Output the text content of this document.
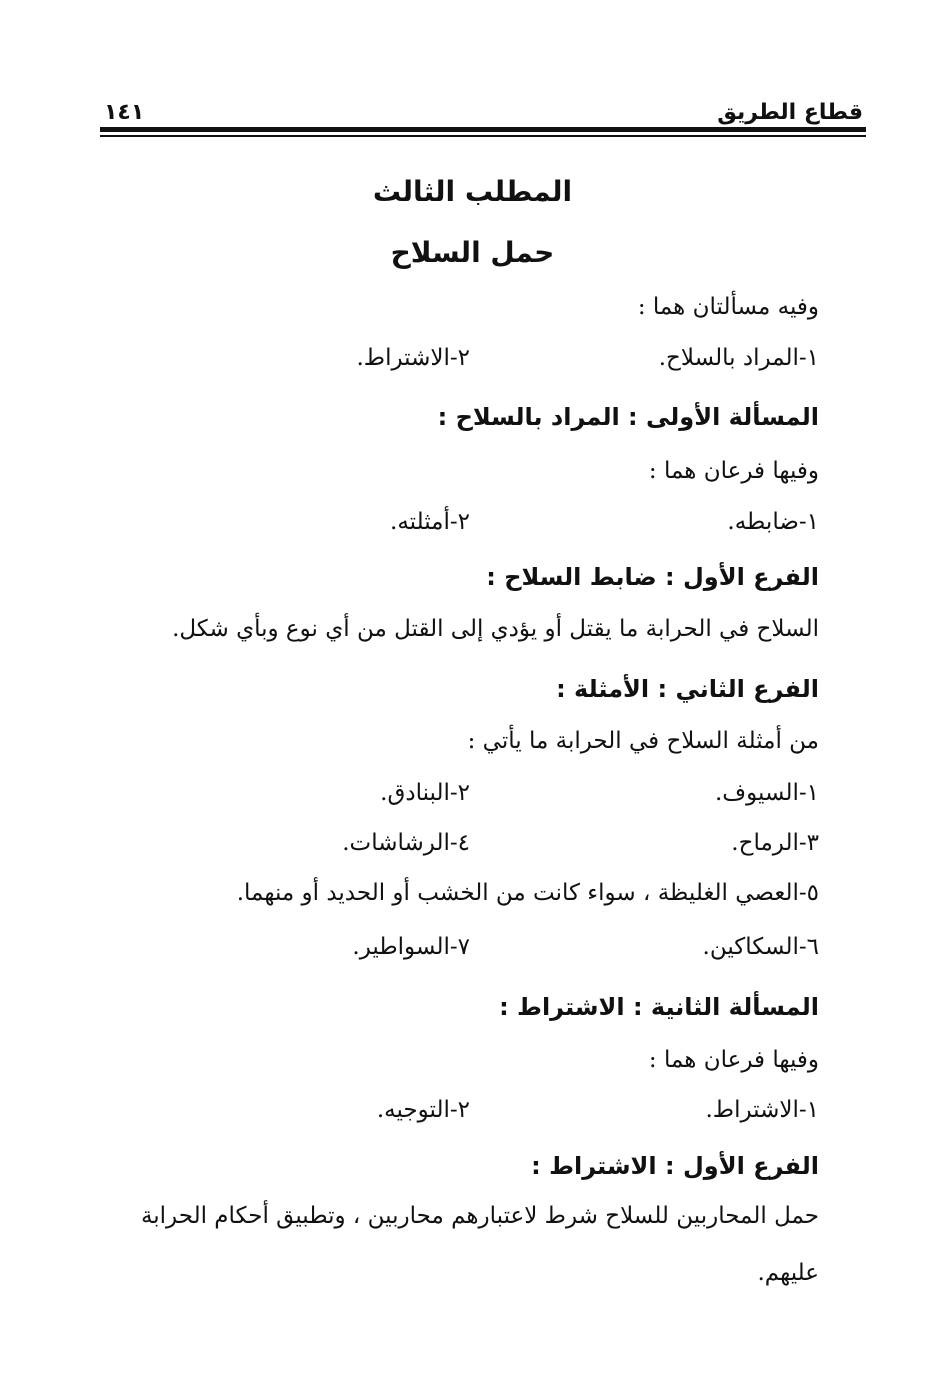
قطاع الطريق
١٤١
المطلب الثالث
حمل السلاح
وفيه مسألتان هما :
١-المراد بالسلاح.
٢-الاشتراط.
المسألة الأولى : المراد بالسلاح :
وفيها فرعان هما :
١-ضابطه.
٢-أمثلته.
الفرع الأول : ضابط السلاح :
السلاح في الحرابة ما يقتل أو يؤدي إلى القتل من أي نوع وبأي شكل.
الفرع الثاني : الأمثلة :
من أمثلة السلاح في الحرابة ما يأتي :
١-السيوف.
٢-البنادق.
٣-الرماح.
٤-الرشاشات.
٥-العصي الغليظة ، سواء كانت من الخشب أو الحديد أو منهما.
٦-السكاكين.
٧-السواطير.
المسألة الثانية : الاشتراط :
وفيها فرعان هما :
١-الاشتراط.
٢-التوجيه.
الفرع الأول : الاشتراط :
حمل المحاربين للسلاح شرط لاعتبارهم محاربين ، وتطبيق أحكام الحرابة
عليهم.
